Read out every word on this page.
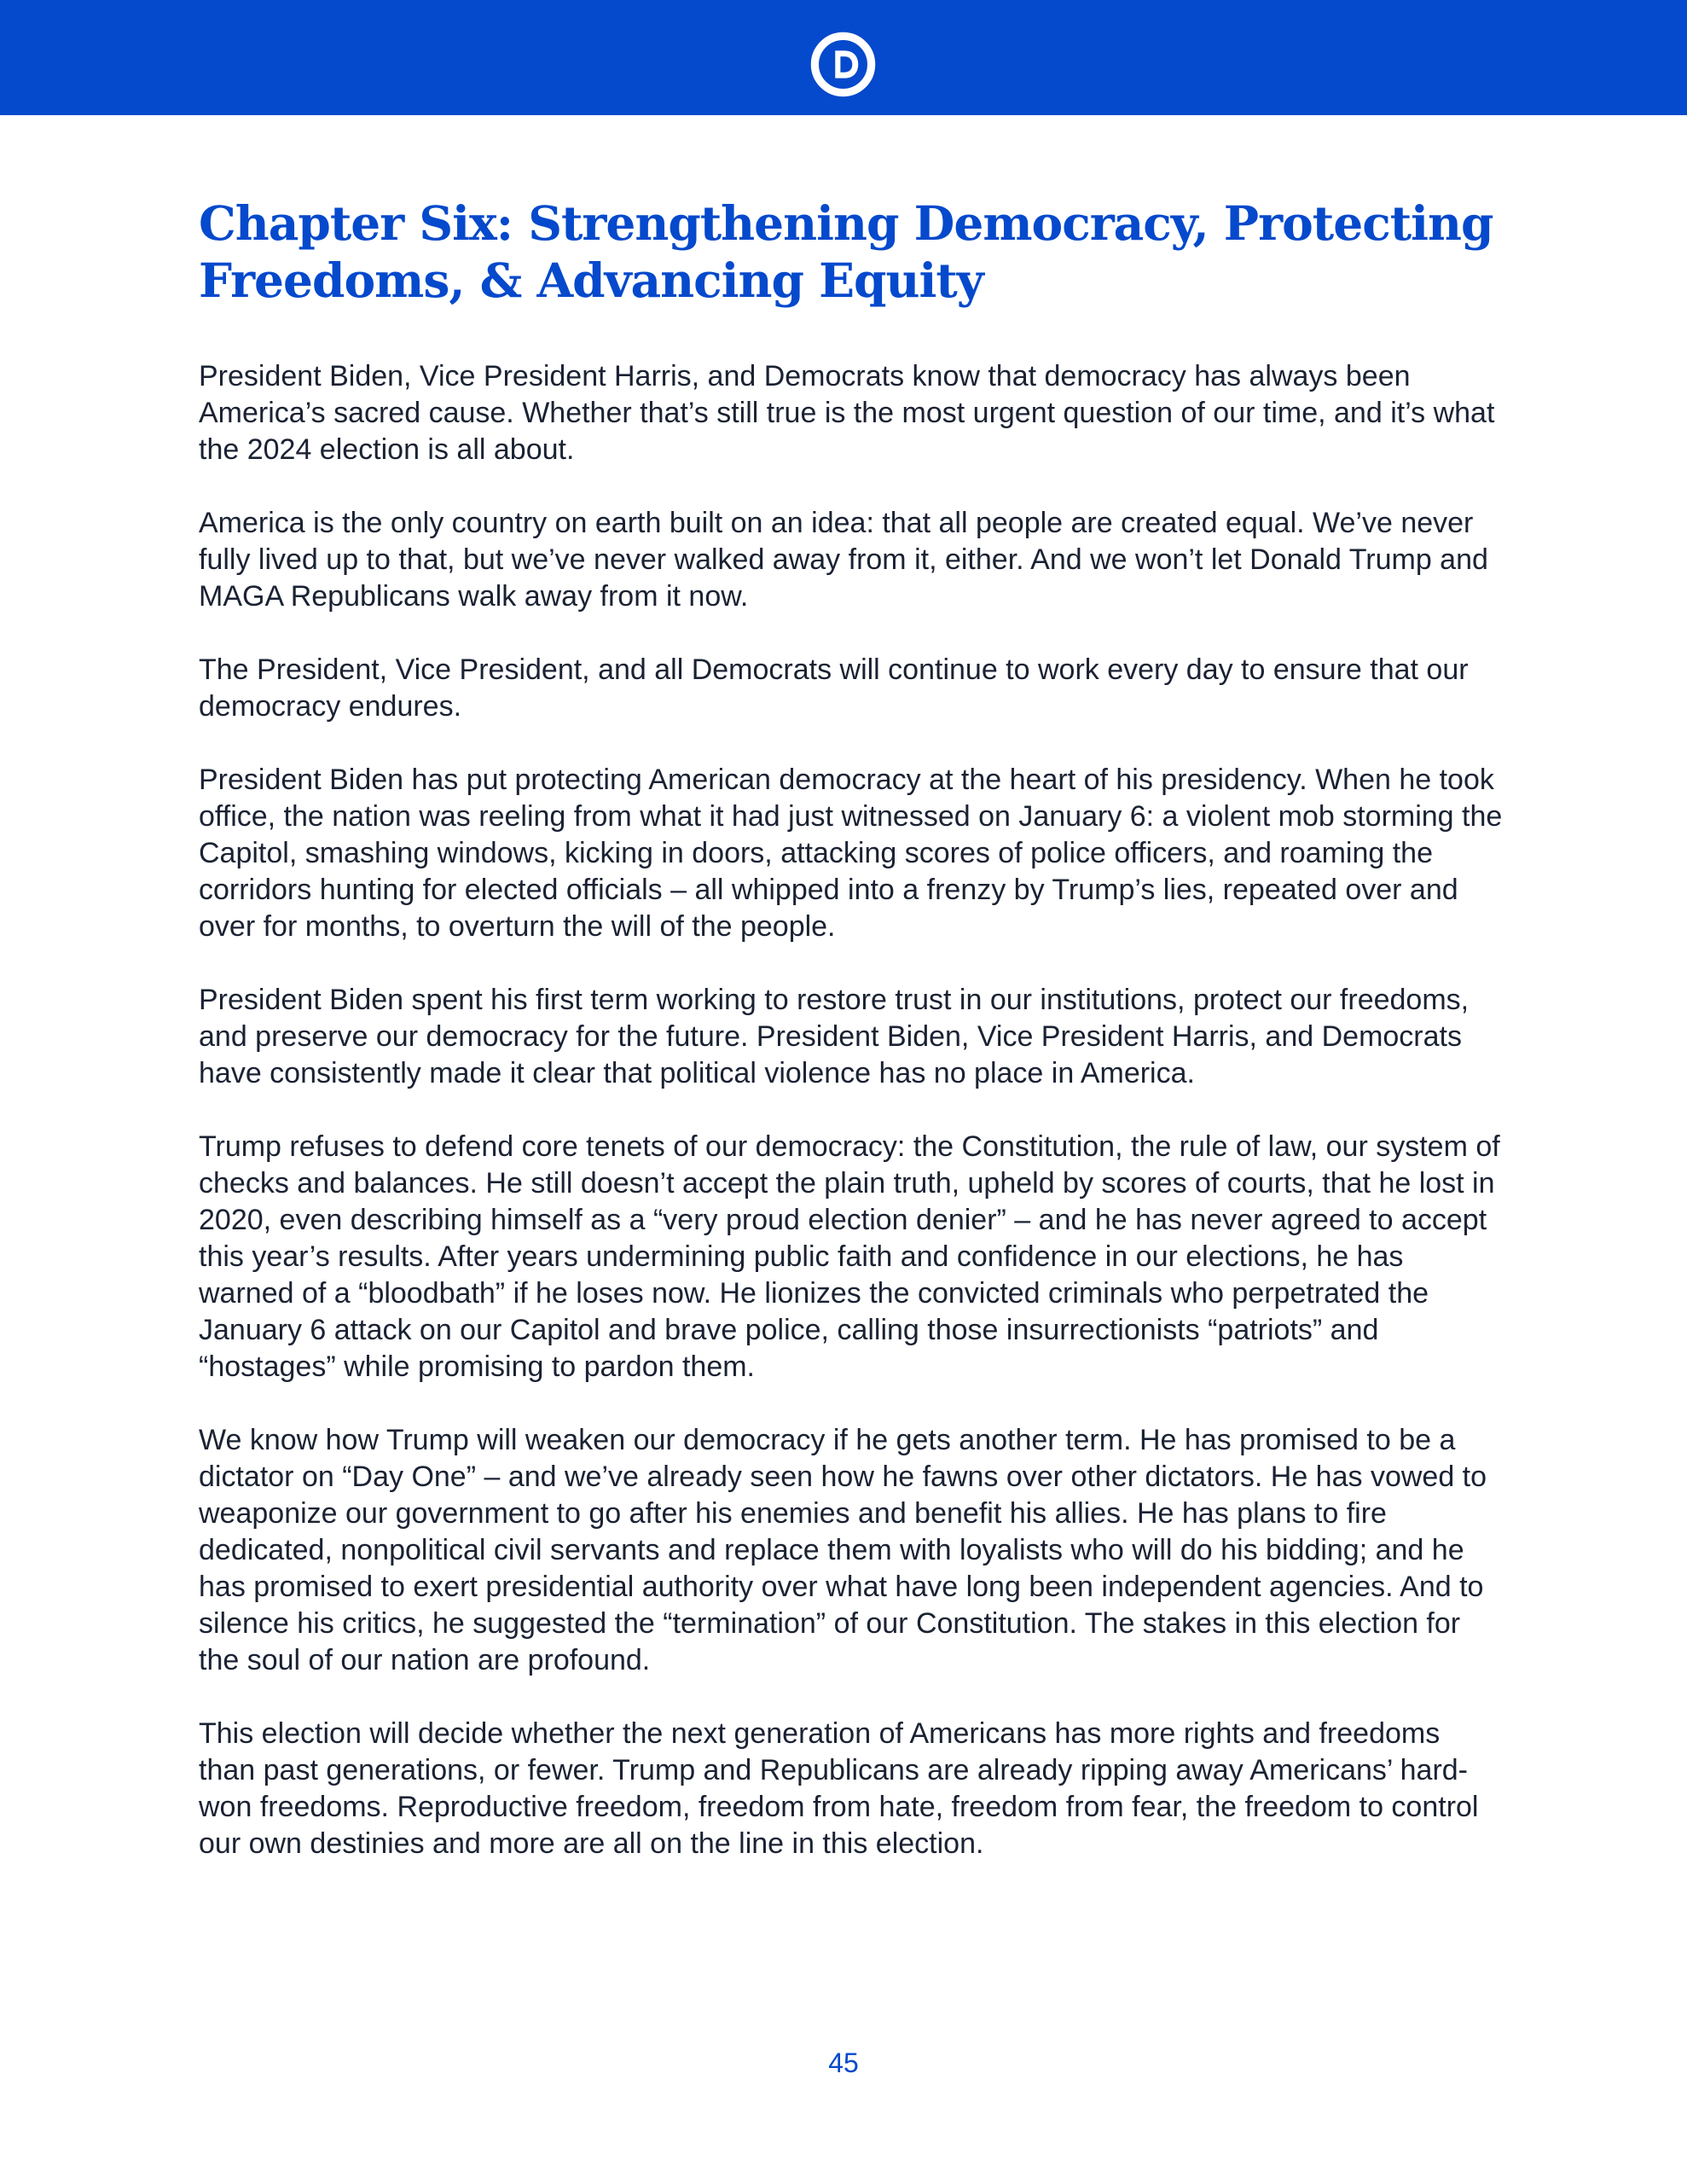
Chapter Six: Strengthening Democracy, Protecting Freedoms, & Advancing Equity

President Biden, Vice President Harris, and Democrats know that democracy has always been America’s sacred cause. Whether that’s still true is the most urgent question of our time, and it’s what the 2024 election is all about.

America is the only country on earth built on an idea: that all people are created equal. We’ve never fully lived up to that, but we’ve never walked away from it, either. And we won’t let Donald Trump and MAGA Republicans walk away from it now.

The President, Vice President, and all Democrats will continue to work every day to ensure that our democracy endures.

President Biden has put protecting American democracy at the heart of his presidency. When he took office, the nation was reeling from what it had just witnessed on January 6: a violent mob storming the Capitol, smashing windows, kicking in doors, attacking scores of police officers, and roaming the corridors hunting for elected officials – all whipped into a frenzy by Trump’s lies, repeated over and over for months, to overturn the will of the people.

President Biden spent his first term working to restore trust in our institutions, protect our freedoms, and preserve our democracy for the future. President Biden, Vice President Harris, and Democrats have consistently made it clear that political violence has no place in America.

Trump refuses to defend core tenets of our democracy: the Constitution, the rule of law, our system of checks and balances. He still doesn’t accept the plain truth, upheld by scores of courts, that he lost in 2020, even describing himself as a “very proud election denier” – and he has never agreed to accept this year’s results. After years undermining public faith and confidence in our elections, he has warned of a “bloodbath” if he loses now. He lionizes the convicted criminals who perpetrated the January 6 attack on our Capitol and brave police, calling those insurrectionists “patriots” and “hostages” while promising to pardon them.

We know how Trump will weaken our democracy if he gets another term. He has promised to be a dictator on “Day One” – and we’ve already seen how he fawns over other dictators. He has vowed to weaponize our government to go after his enemies and benefit his allies. He has plans to fire dedicated, nonpolitical civil servants and replace them with loyalists who will do his bidding; and he has promised to exert presidential authority over what have long been independent agencies. And to silence his critics, he suggested the “termination” of our Constitution. The stakes in this election for the soul of our nation are profound.

This election will decide whether the next generation of Americans has more rights and freedoms than past generations, or fewer. Trump and Republicans are already ripping away Americans’ hard-won freedoms. Reproductive freedom, freedom from hate, freedom from fear, the freedom to control our own destinies and more are all on the line in this election.

45
